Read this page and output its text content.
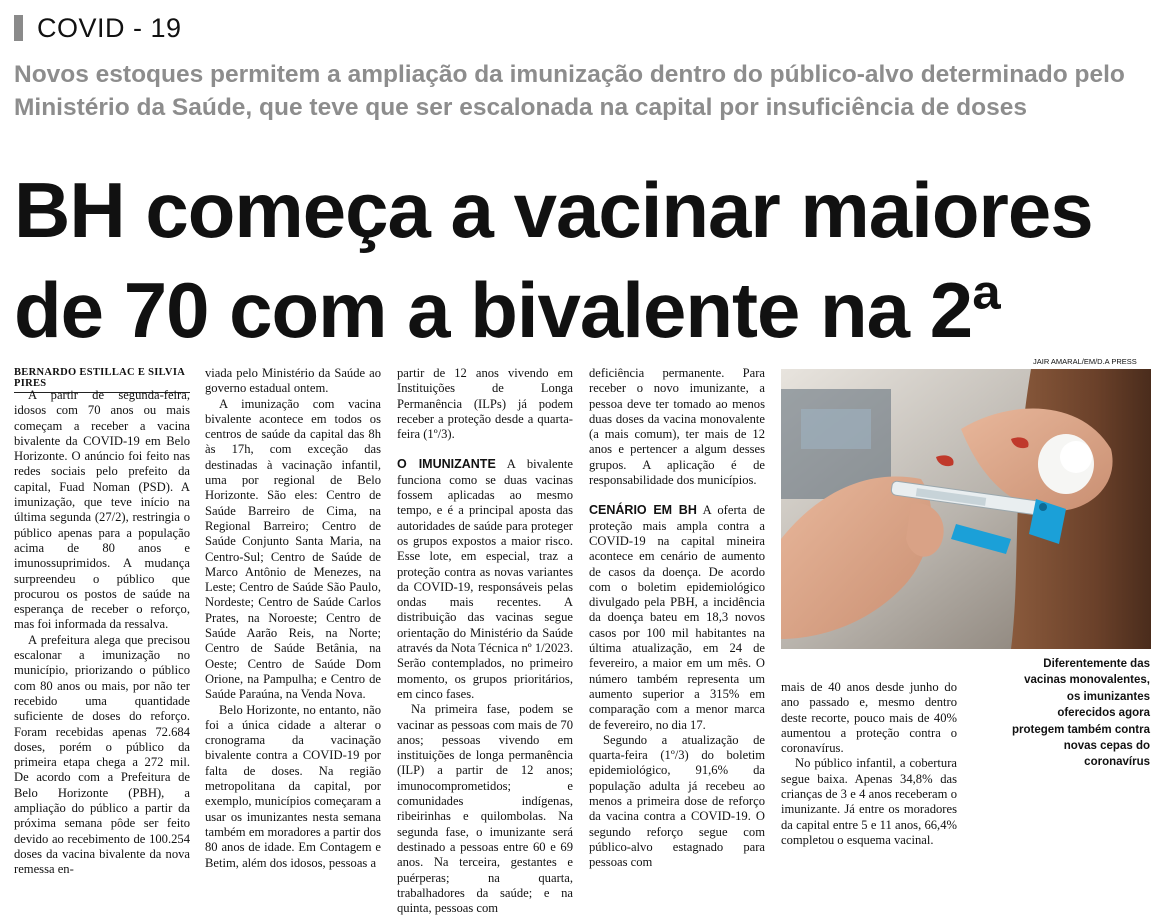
COVID - 19
Novos estoques permitem a ampliação da imunização dentro do público-alvo determinado pelo Ministério da Saúde, que teve que ser escalonada na capital por insuficiência de doses
BH começa a vacinar maiores
de 70 com a bivalente na 2ª
BERNARDO ESTILLAC E SILVIA PIRES

A partir de segunda-feira, idosos com 70 anos ou mais começam a receber a vacina bivalente da COVID-19 em Belo Horizonte. O anúncio foi feito nas redes sociais pelo prefeito da capital, Fuad Noman (PSD). A imunização, que teve início na última segunda (27/2), restringia o público apenas para a população acima de 80 anos e imunossuprimidos. A mudança surpreendeu o público que procurou os postos de saúde na esperança de receber o reforço, mas foi informada da ressalva.

A prefeitura alega que precisou escalonar a imunização no município, priorizando o público com 80 anos ou mais, por não ter recebido uma quantidade suficiente de doses do reforço. Foram recebidas apenas 72.684 doses, porém o público da primeira etapa chega a 272 mil. De acordo com a Prefeitura de Belo Horizonte (PBH), a ampliação do público a partir da próxima semana pôde ser feito devido ao recebimento de 100.254 doses da vacina bivalente da nova remessa en-

viada pelo Ministério da Saúde ao governo estadual ontem.

A imunização com vacina bivalente acontece em todos os centros de saúde da capital das 8h às 17h, com exceção das destinadas à vacinação infantil, uma por regional de Belo Horizonte. São eles: Centro de Saúde Barreiro de Cima, na Regional Barreiro; Centro de Saúde Conjunto Santa Maria, na Centro-Sul; Centro de Saúde de Marco Antônio de Menezes, na Leste; Centro de Saúde São Paulo, Nordeste; Centro de Saúde Carlos Prates, na Noroeste; Centro de Saúde Aarão Reis, na Norte; Centro de Saúde Betânia, na Oeste; Centro de Saúde Dom Orione, na Pampulha; e Centro de Saúde Paraúna, na Venda Nova.

Belo Horizonte, no entanto, não foi a única cidade a alterar o cronograma da vacinação bivalente contra a COVID-19 por falta de doses. Na região metropolitana da capital, por exemplo, municípios começaram a usar os imunizantes nesta semana também em moradores a partir dos 80 anos de idade. Em Contagem e Betim, além dos idosos, pessoas a

partir de 12 anos vivendo em Instituições de Longa Permanência (ILPs) já podem receber a proteção desde a quarta-feira (1º/3).

O IMUNIZANTE A bivalente funciona como se duas vacinas fossem aplicadas ao mesmo tempo, e é a principal aposta das autoridades de saúde para proteger os grupos expostos a maior risco. Esse lote, em especial, traz a proteção contra as novas variantes da COVID-19, responsáveis pelas ondas mais recentes. A distribuição das vacinas segue orientação do Ministério da Saúde através da Nota Técnica nº 1/2023. Serão contemplados, no primeiro momento, os grupos prioritários, em cinco fases.

Na primeira fase, podem se vacinar as pessoas com mais de 70 anos; pessoas vivendo em instituições de longa permanência (ILP) a partir de 12 anos; imunocomprometidos; e comunidades indígenas, ribeirinhas e quilombolas. Na segunda fase, o imunizante será destinado a pessoas entre 60 e 69 anos. Na terceira, gestantes e puérperas; na quarta, trabalhadores da saúde; e na quinta, pessoas com

deficiência permanente. Para receber o novo imunizante, a pessoa deve ter tomado ao menos duas doses da vacina monovalente (a mais comum), ter mais de 12 anos e pertencer a algum desses grupos. A aplicação é de responsabilidade dos municípios.

CENÁRIO EM BH A oferta de proteção mais ampla contra a COVID-19 na capital mineira acontece em cenário de aumento de casos da doença. De acordo com o boletim epidemiológico divulgado pela PBH, a incidência da doença bateu em 18,3 novos casos por 100 mil habitantes na última atualização, em 24 de fevereiro, a maior em um mês. O número também representa um aumento superior a 315% em comparação com a menor marca de fevereiro, no dia 17.

Segundo a atualização de quarta-feira (1º/3) do boletim epidemiológico, 91,6% da população adulta já recebeu ao menos a primeira dose de reforço da vacina contra a COVID-19. O segundo reforço segue com público-alvo estagnado para pessoas com

JAIR AMARAL/EM/D.A PRESS
Diferentemente das vacinas monovalentes, os imunizantes oferecidos agora protegem também contra novas cepas do coronavírus

mais de 40 anos desde junho do ano passado e, mesmo dentro deste recorte, pouco mais de 40% aumentou a proteção contra o coronavírus.

No público infantil, a cobertura segue baixa. Apenas 34,8% das crianças de 3 e 4 anos receberam o imunizante. Já entre os moradores da capital entre 5 e 11 anos, 66,4% completou o esquema vacinal.
